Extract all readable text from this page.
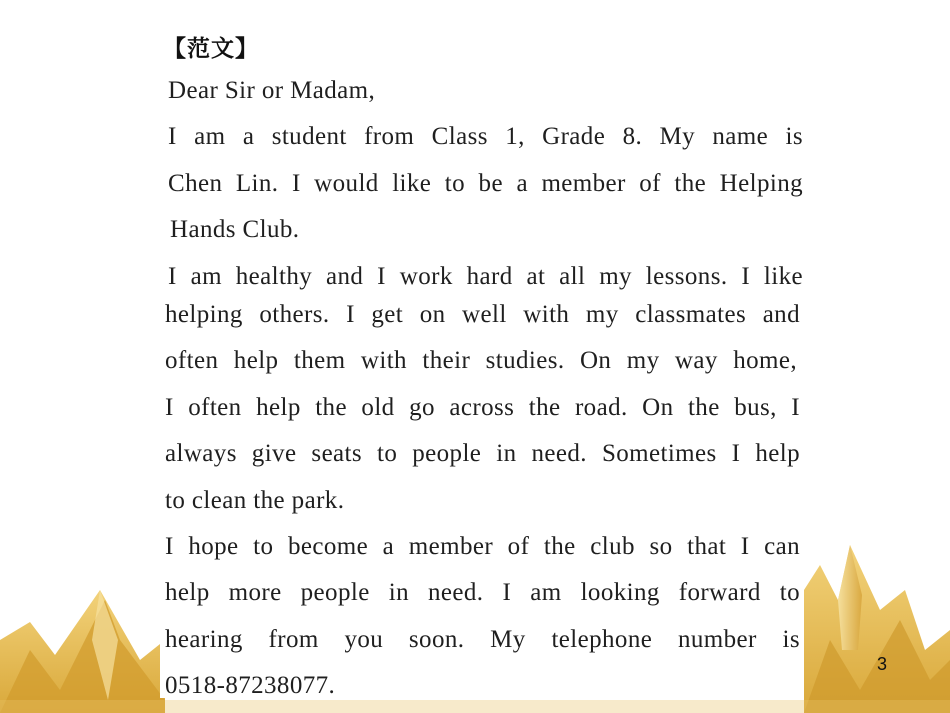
【范文】
Dear Sir or Madam,
I am a student from Class 1, Grade 8. My name is
Chen Lin. I would like to be a member of the Helping
Hands Club.
I am healthy and I work hard at all my lessons. I like
helping others. I get on well with my classmates and
often help them with their studies. On my way home,
I often help the old go across the road. On the bus, I
always give seats to people in need. Sometimes I help
to clean the park.
I hope to become a member of the club so that I can
help more people in need. I am looking forward to
hearing from you soon. My telephone number is
0518-87238077.
3
